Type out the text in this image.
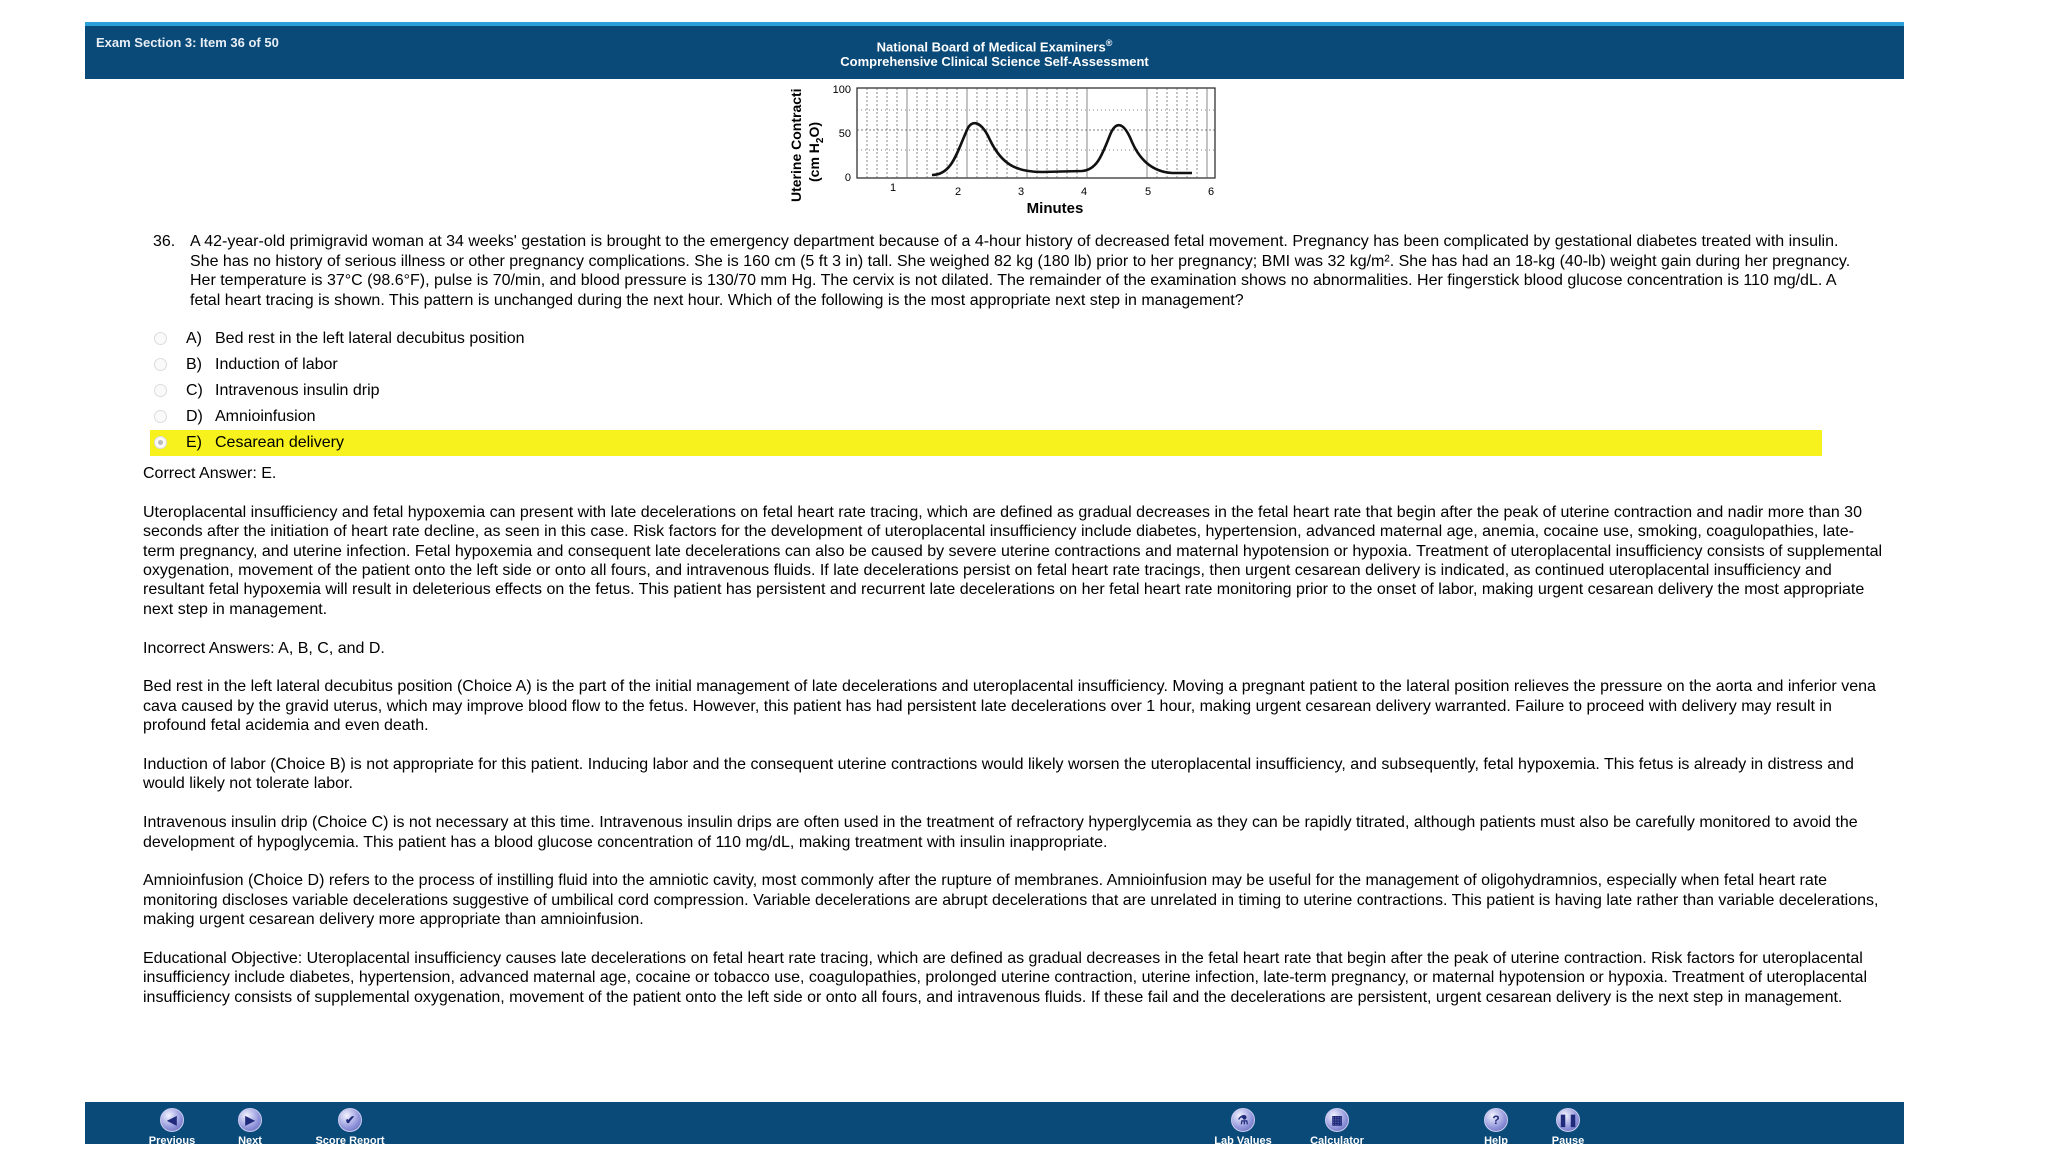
Exam Section 3: Item 36 of 50	National Board of Medical Examiners®
Comprehensive Clinical Science Self-Assessment
Uterine Contracti (cm $H_2O$)
100
50
0
1	2	3	4	5	6
Minutes
36. A 42-year-old primigravid woman at 34 weeks' gestation is brought to the emergency department because of a 4-hour history of decreased fetal movement. Pregnancy has been complicated by gestational diabetes treated with insulin. She has no history of serious illness or other pregnancy complications. She is 160 cm (5 ft 3 in) tall. She weighed 82 kg (180 lb) prior to her pregnancy; BMI was 32 kg/m². She has had an 18-kg (40-lb) weight gain during her pregnancy. Her temperature is 37°C (98.6°F), pulse is 70/min, and blood pressure is 130/70 mm Hg. The cervix is not dilated. The remainder of the examination shows no abnormalities. Her fingerstick blood glucose concentration is 110 mg/dL. A fetal heart tracing is shown. This pattern is unchanged during the next hour. Which of the following is the most appropriate next step in management?
A) Bed rest in the left lateral decubitus position
B) Induction of labor
C) Intravenous insulin drip
D) Amnioinfusion
E) Cesarean delivery

Correct Answer: E.

Uteroplacental insufficiency and fetal hypoxemia can present with late decelerations on fetal heart rate tracing, which are defined as gradual decreases in the fetal heart rate that begin after the peak of uterine contraction and nadir more than 30 seconds after the initiation of heart rate decline, as seen in this case. Risk factors for the development of uteroplacental insufficiency include diabetes, hypertension, advanced maternal age, anemia, cocaine use, smoking, coagulopathies, late-term pregnancy, and uterine infection. Fetal hypoxemia and consequent late decelerations can also be caused by severe uterine contractions and maternal hypotension or hypoxia. Treatment of uteroplacental insufficiency consists of supplemental oxygenation, movement of the patient onto the left side or onto all fours, and intravenous fluids. If late decelerations persist on fetal heart rate tracings, then urgent cesarean delivery is indicated, as continued uteroplacental insufficiency and resultant fetal hypoxemia will result in deleterious effects on the fetus. This patient has persistent and recurrent late decelerations on her fetal heart rate monitoring prior to the onset of labor, making urgent cesarean delivery the most appropriate next step in management.

Incorrect Answers: A, B, C, and D.

Bed rest in the left lateral decubitus position (Choice A) is the part of the initial management of late decelerations and uteroplacental insufficiency. Moving a pregnant patient to the lateral position relieves the pressure on the aorta and inferior vena cava caused by the gravid uterus, which may improve blood flow to the fetus. However, this patient has had persistent late decelerations over 1 hour, making urgent cesarean delivery warranted. Failure to proceed with delivery may result in profound fetal acidemia and even death.

Induction of labor (Choice B) is not appropriate for this patient. Inducing labor and the consequent uterine contractions would likely worsen the uteroplacental insufficiency, and subsequently, fetal hypoxemia. This fetus is already in distress and would likely not tolerate labor.

Intravenous insulin drip (Choice C) is not necessary at this time. Intravenous insulin drips are often used in the treatment of refractory hyperglycemia as they can be rapidly titrated, although patients must also be carefully monitored to avoid the development of hypoglycemia. This patient has a blood glucose concentration of 110 mg/dL, making treatment with insulin inappropriate.

Amnioinfusion (Choice D) refers to the process of instilling fluid into the amniotic cavity, most commonly after the rupture of membranes. Amnioinfusion may be useful for the management of oligohydramnios, especially when fetal heart rate monitoring discloses variable decelerations suggestive of umbilical cord compression. Variable decelerations are abrupt decelerations that are unrelated in timing to uterine contractions. This patient is having late rather than variable decelerations, making urgent cesarean delivery more appropriate than amnioinfusion.

Educational Objective: Uteroplacental insufficiency causes late decelerations on fetal heart rate tracing, which are defined as gradual decreases in the fetal heart rate that begin after the peak of uterine contraction. Risk factors for uteroplacental insufficiency include diabetes, hypertension, advanced maternal age, cocaine or tobacco use, coagulopathies, prolonged uterine contraction, uterine infection, late-term pregnancy, or maternal hypotension or hypoxia. Treatment of uteroplacental insufficiency consists of supplemental oxygenation, movement of the patient onto the left side or onto all fours, and intravenous fluids. If these fail and the decelerations are persistent, urgent cesarean delivery is the next step in management.

◀
Previous
▶
Next
✔
Score Report
⚗
Lab Values
▦
Calculator
?
Help
❚❚
Pause
